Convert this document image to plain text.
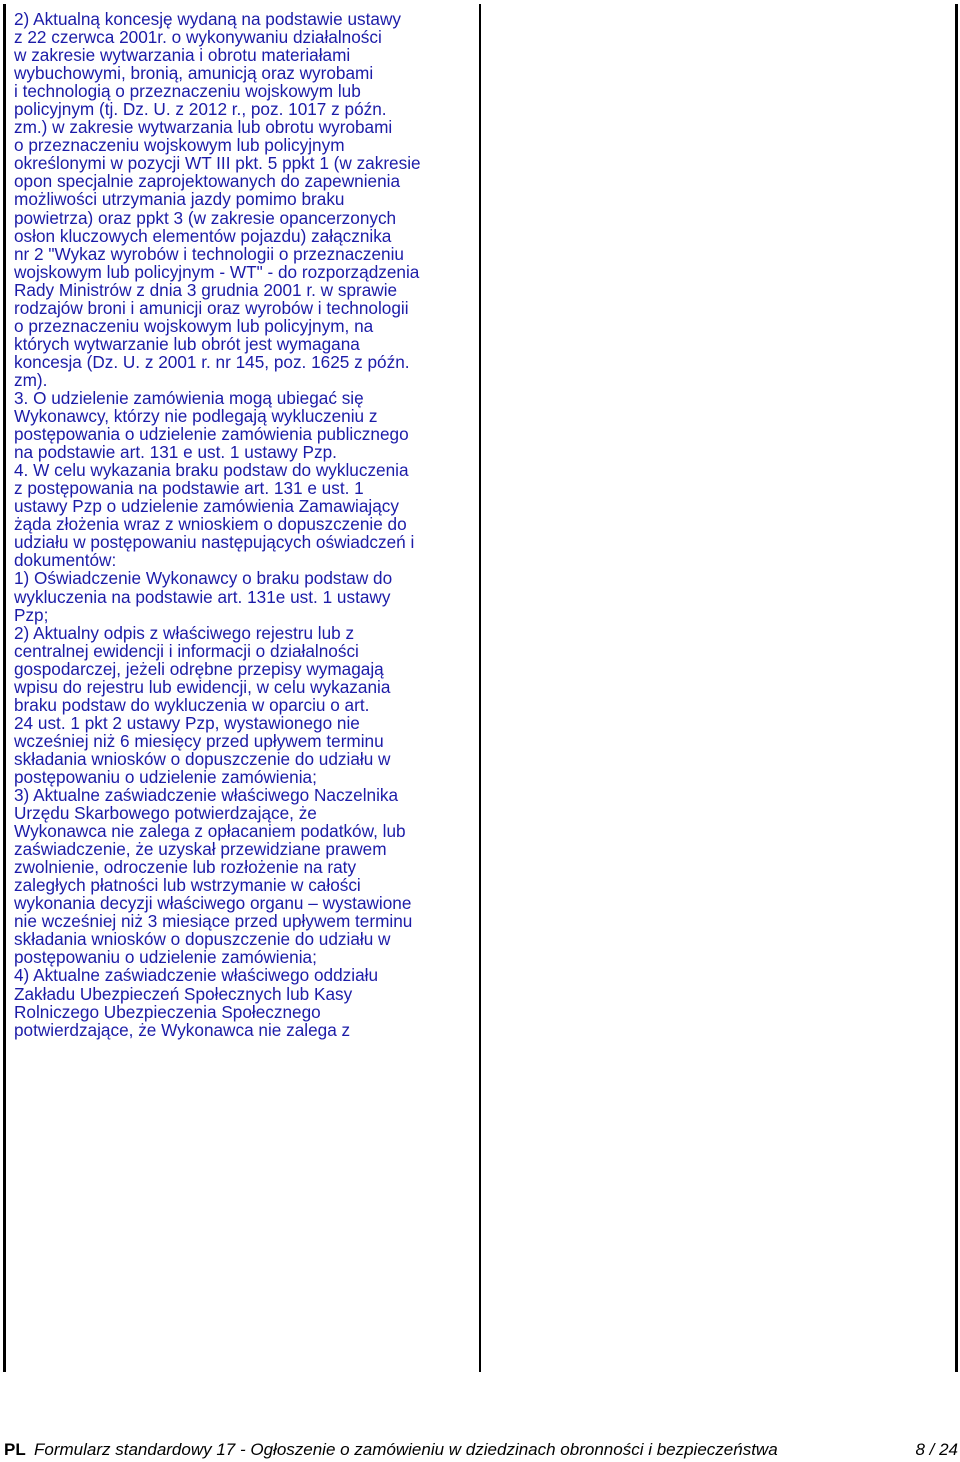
2) Aktualną koncesję wydaną na podstawie ustawy
z 22 czerwca 2001r. o wykonywaniu działalności
w zakresie wytwarzania i obrotu materiałami
wybuchowymi, bronią, amunicją oraz wyrobami
i technologią o przeznaczeniu wojskowym lub
policyjnym (tj. Dz. U. z 2012 r., poz. 1017 z późn.
zm.) w zakresie wytwarzania lub obrotu wyrobami
o przeznaczeniu wojskowym lub policyjnym
określonymi w pozycji WT III pkt. 5 ppkt 1 (w zakresie
opon specjalnie zaprojektowanych do zapewnienia
możliwości utrzymania jazdy pomimo braku
powietrza) oraz ppkt 3 (w zakresie opancerzonych
osłon kluczowych elementów pojazdu) załącznika
nr 2 "Wykaz wyrobów i technologii o przeznaczeniu
wojskowym lub policyjnym - WT" - do rozporządzenia
Rady Ministrów z dnia 3 grudnia 2001 r. w sprawie
rodzajów broni i amunicji oraz wyrobów i technologii
o przeznaczeniu wojskowym lub policyjnym, na
których wytwarzanie lub obrót jest wymagana
koncesja (Dz. U. z 2001 r. nr 145, poz. 1625 z późn.
zm).
3. O udzielenie zamówienia mogą ubiegać się
Wykonawcy, którzy nie podlegają wykluczeniu z
postępowania o udzielenie zamówienia publicznego
na podstawie art. 131 e ust. 1 ustawy Pzp.
4. W celu wykazania braku podstaw do wykluczenia
z postępowania na podstawie art. 131 e ust. 1
ustawy Pzp o udzielenie zamówienia Zamawiający
żąda złożenia wraz z wnioskiem o dopuszczenie do
udziału w postępowaniu następujących oświadczeń i
dokumentów:
1) Oświadczenie Wykonawcy o braku podstaw do
wykluczenia na podstawie art. 131e ust. 1 ustawy
Pzp;
2) Aktualny odpis z właściwego rejestru lub z
centralnej ewidencji i informacji o działalności
gospodarczej, jeżeli odrębne przepisy wymagają
wpisu do rejestru lub ewidencji, w celu wykazania
braku podstaw do wykluczenia w oparciu o art.
24 ust. 1 pkt 2 ustawy Pzp, wystawionego nie
wcześniej niż 6 miesięcy przed upływem terminu
składania wniosków o dopuszczenie do udziału w
postępowaniu o udzielenie zamówienia;
3) Aktualne zaświadczenie właściwego Naczelnika
Urzędu Skarbowego potwierdzające, że
Wykonawca nie zalega z opłacaniem podatków, lub
zaświadczenie, że uzyskał przewidziane prawem
zwolnienie, odroczenie lub rozłożenie na raty
zaległych płatności lub wstrzymanie w całości
wykonania decyzji właściwego organu – wystawione
nie wcześniej niż 3 miesiące przed upływem terminu
składania wniosków o dopuszczenie do udziału w
postępowaniu o udzielenie zamówienia;
4) Aktualne zaświadczenie właściwego oddziału
Zakładu Ubezpieczeń Społecznych lub Kasy
Rolniczego Ubezpieczenia Społecznego
potwierdzające, że Wykonawca nie zalega z
PL Formularz standardowy 17 - Ogłoszenie o zamówieniu w dziedzinach obronności i bezpieczeństwa	8 / 24
